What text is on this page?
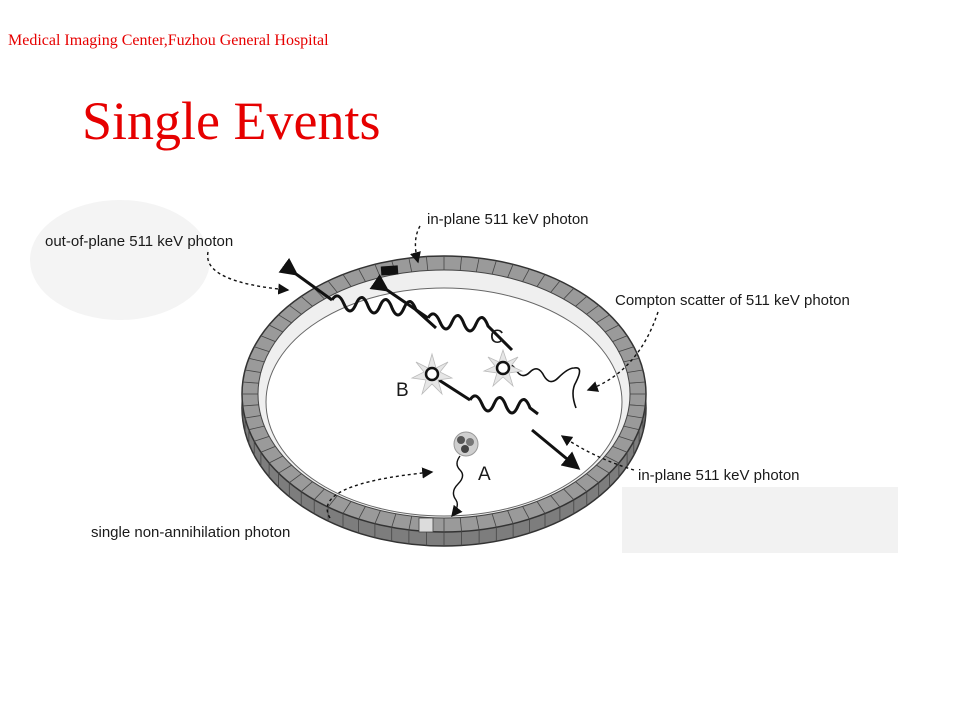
Medical Imaging Center,Fuzhou General Hospital
Single Events
out-of-plane 511 keV photon
in-plane 511 keV photon
Compton scatter of 511 keV photon
in-plane 511 keV photon
single non-annihilation photon
C
B
A
